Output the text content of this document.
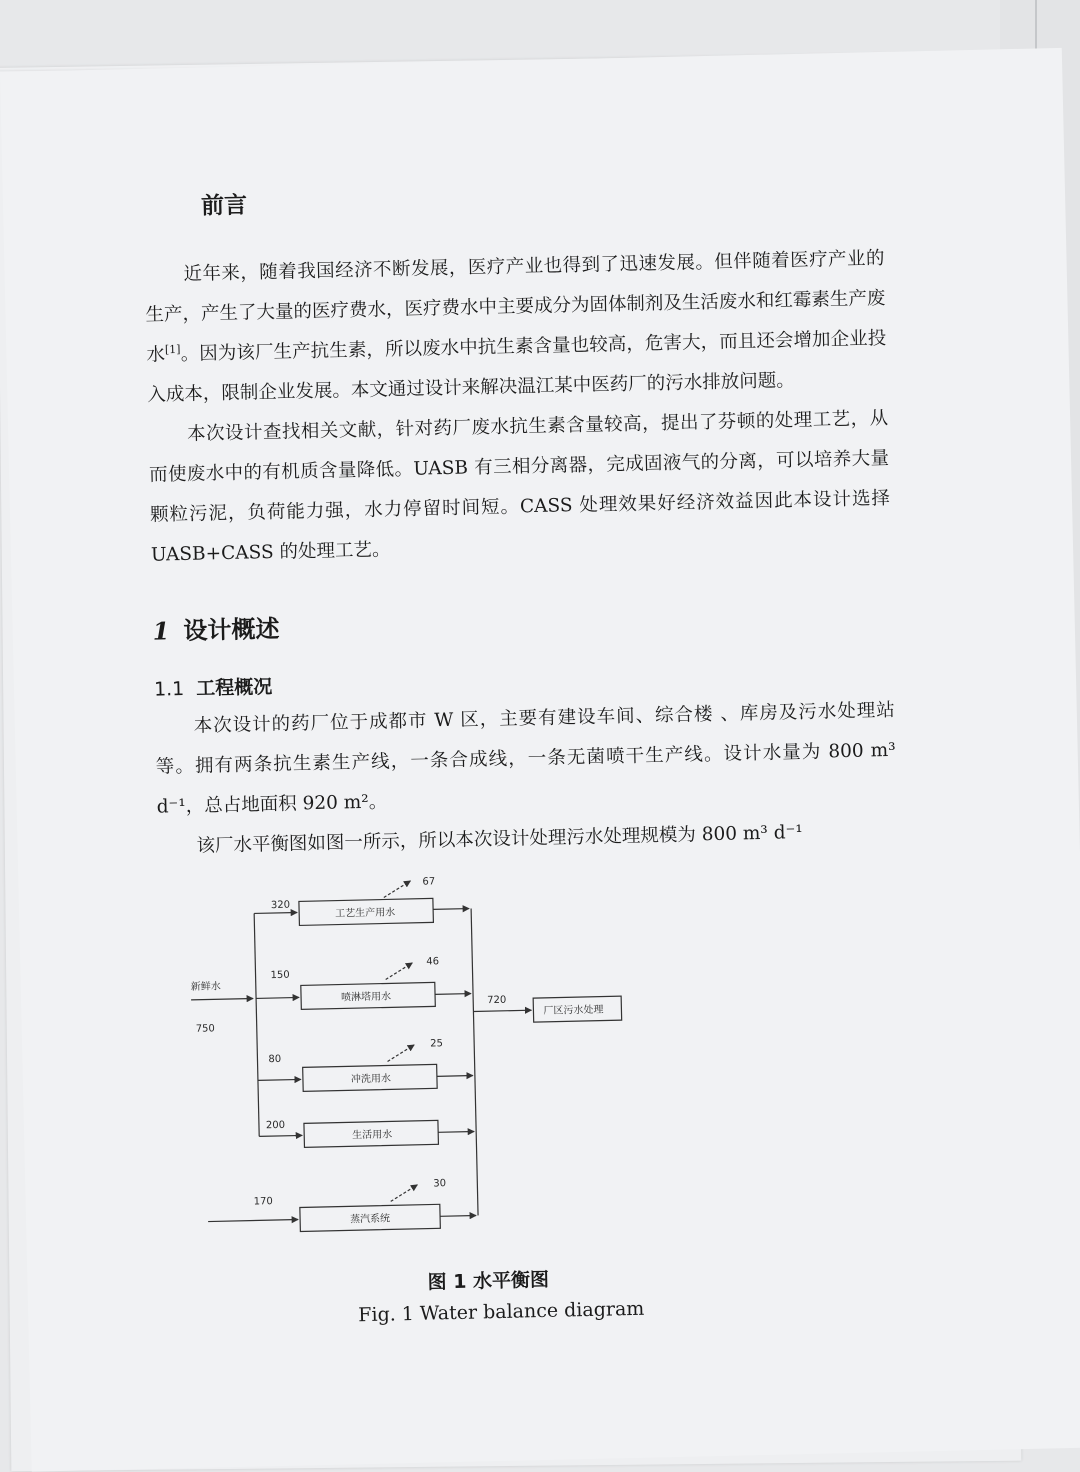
前言

近年来，随着我国经济不断发展，医疗产业也得到了迅速发展。但伴随着医疗产业的生产，产生了大量的医疗费水，医疗费水中主要成分为固体制剂及生活废水和红霉素生产废水[1]。因为该厂生产抗生素，所以废水中抗生素含量也较高，危害大，而且还会增加企业投入成本，限制企业发展。本文通过设计来解决温江某中医药厂的污水排放问题。

本次设计查找相关文献，针对药厂废水抗生素含量较高，提出了芬顿的处理工艺，从而使废水中的有机质含量降低。UASB 有三相分离器，完成固液气的分离，可以培养大量颗粒污泥，负荷能力强，水力停留时间短。CASS 处理效果好经济效益因此本设计选择 UASB+CASS 的处理工艺。

1 设计概述
1.1 工程概况

本次设计的药厂位于成都市 W 区，主要有建设车间、综合楼 、库房及污水处理站等。拥有两条抗生素生产线，一条合成线，一条无菌喷干生产线。设计水量为 800 m³ d⁻¹，总占地面积 920 m²。

该厂水平衡图如图一所示，所以本次设计处理污水处理规模为 800 m³ d⁻¹

新鲜水
750
工艺生产用水
喷淋塔用水
冲洗用水
生活用水
蒸汽系统
320
150
80
200
170
67
46
25
30
720
厂区污水处理
图 1 水平衡图
Fig. 1 Water balance diagram
